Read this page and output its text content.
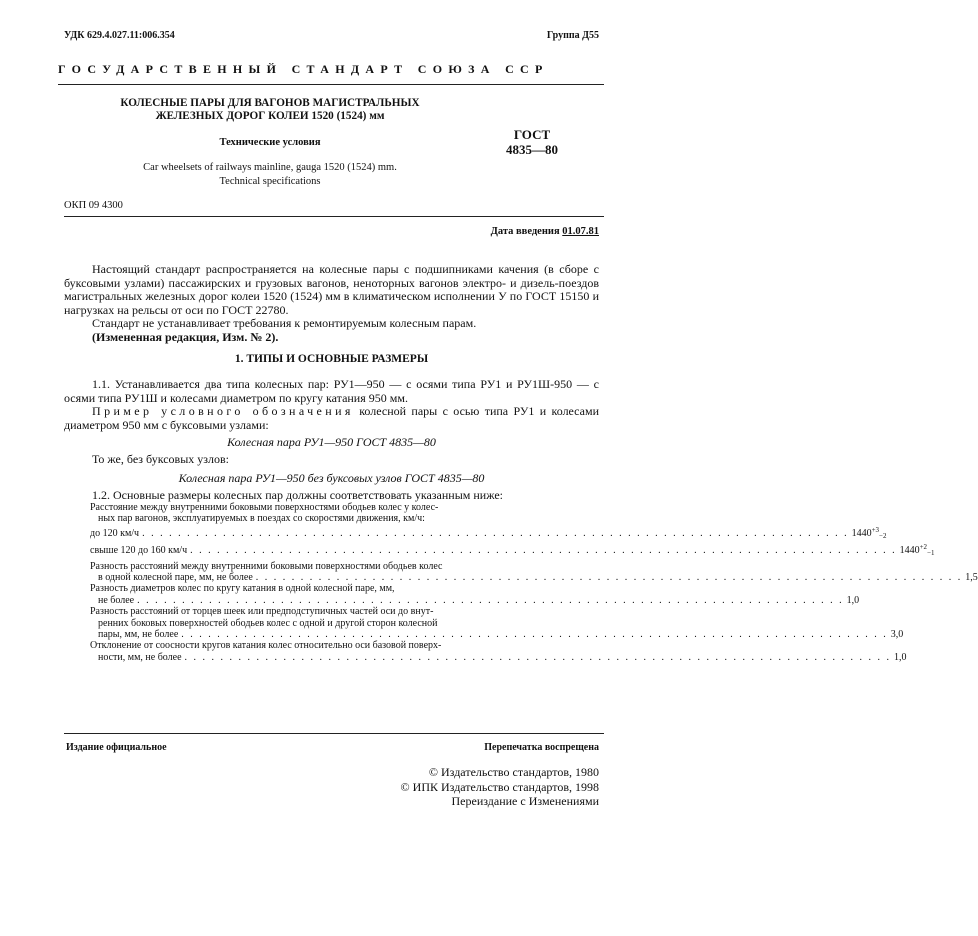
УДК 629.4.027.11:006.354	Группа Д55
ГОСУДАРСТВЕННЫЙ СТАНДАРТ СОЮЗА ССР
КОЛЕСНЫЕ ПАРЫ ДЛЯ ВАГОНОВ МАГИСТРАЛЬНЫХ
ЖЕЛЕЗНЫХ ДОРОГ КОЛЕИ 1520 (1524) мм
Технические условия
Car wheelsets of railways mainline, gauga 1520 (1524) mm.
Technical specifications
ГОСТ
4835—80
ОКП 09 4300
Дата введения 01.07.81

Настоящий стандарт распространяется на колесные пары с подшипниками качения (в сборе с буксовыми узлами) пассажирских и грузовых вагонов, неноторных вагонов электро- и дизель-поездов магистральных железных дорог колеи 1520 (1524) мм в климатическом исполнении У по ГОСТ 15150 и нагрузках на рельсы от оси по ГОСТ 22780.

Стандарт не устанавливает требования к ремонтируемым колесным парам.

(Измененная редакция, Изм. № 2).

1. ТИПЫ И ОСНОВНЫЕ РАЗМЕРЫ

1.1. Устанавливается два типа колесных пар: РУ1—950 — с осями типа РУ1 и РУ1Ш-950 — с осями типа РУ1Ш и колесами диаметром по кругу катания 950 мм.

Пример условного обозначения колесной пары с осью типа РУ1 и колесами диаметром 950 мм с буксовыми узлами:

Колесная пара РУ1—950 ГОСТ 4835—80

То же, без буксовых узлов:

Колесная пара РУ1—950 без буксовых узлов ГОСТ 4835—80

1.2. Основные размеры колесных пар должны соответствовать указанным ниже:

Расстояние между внутренними боковыми поверхностями ободьев колес у колес-
ных пар вагонов, эксплуатируемых в поездах со скоростями движения, км/ч:
до 120 км/ч . . . . . . . . . . . . . . . . . . . . . . . . . . . . . . . . . . . . . . . . . . . . . . . . . . . . . . . . . . . . . . . . . . . . . . . . . . . . . . . $1440^{+3}_{-2}$
свыше 120 до 160 км/ч . . . . . . . . . . . . . . . . . . . . . . . . . . . . . . . . . . . . . . . . . . . . . . . . . . . . . . . . . . . . . . . . . . . . . . . . . . . . . . . $1440^{+2}_{-1}$
Разность расстояний между внутренними боковыми поверхностями ободьев колес
в одной колесной паре, мм, не более . . . . . . . . . . . . . . . . . . . . . . . . . . . . . . . . . . . . . . . . . . . . . . . . . . . . . . . . . . . . . . . . . . . . . . . . . . . . . . . 1,5
Разность диаметров колес по кругу катания в одной колесной паре, мм,
не более . . . . . . . . . . . . . . . . . . . . . . . . . . . . . . . . . . . . . . . . . . . . . . . . . . . . . . . . . . . . . . . . . . . . . . . . . . . . . . . 1,0
Разность расстояний от торцев шеек или предподступичных частей оси до внут-
ренних боковых поверхностей ободьев колес с одной и другой сторон колесной
пары, мм, не более . . . . . . . . . . . . . . . . . . . . . . . . . . . . . . . . . . . . . . . . . . . . . . . . . . . . . . . . . . . . . . . . . . . . . . . . . . . . . . . 3,0
Отклонение от соосности кругов катания колес относительно оси базовой поверх-
ности, мм, не более . . . . . . . . . . . . . . . . . . . . . . . . . . . . . . . . . . . . . . . . . . . . . . . . . . . . . . . . . . . . . . . . . . . . . . . . . . . . . . . 1,0
Издание официальное	Перепечатка воспрещена
© Издательство стандартов, 1980
© ИПК Издательство стандартов, 1998
Переиздание с Изменениями
